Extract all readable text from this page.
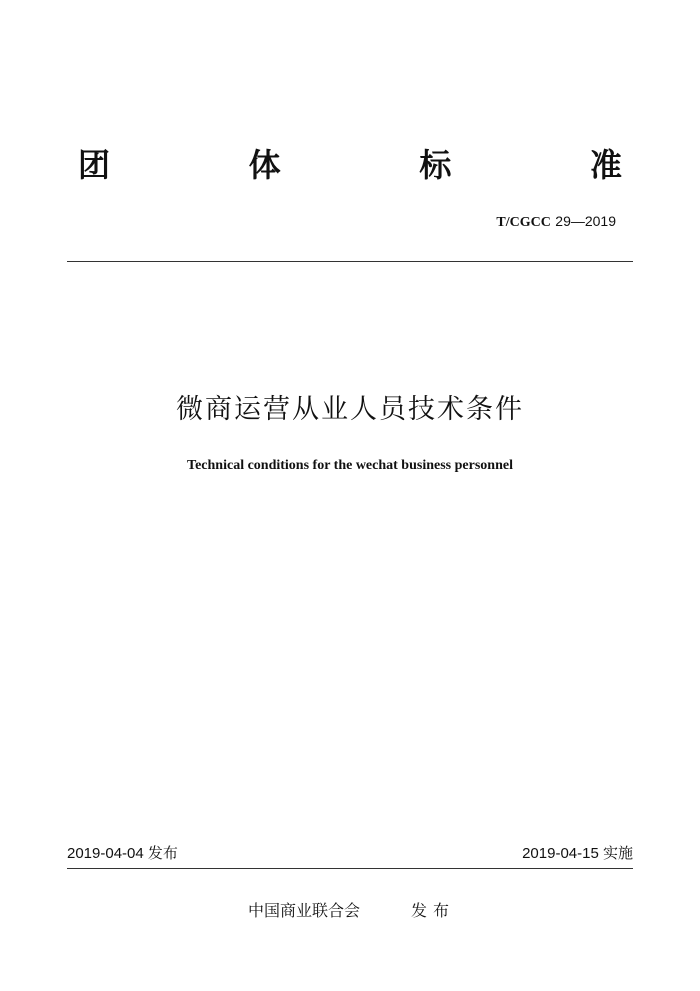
团	体	标	准
T/CGCC 29—2019
微商运营从业人员技术条件
Technical conditions for the wechat business personnel
2019-04-04 发布	2019-04-15 实施
中国商业联合会	发布
